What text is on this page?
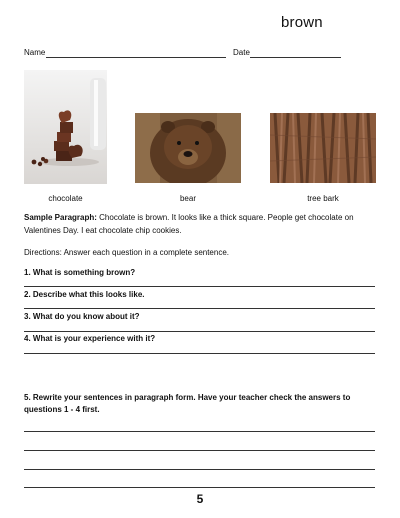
brown
Name	Date
chocolate	bear	tree bark
Sample Paragraph: Chocolate is brown. It looks like a thick square. People get chocolate on
Valentines Day. I eat chocolate chip cookies.
Directions: Answer each question in a complete sentence.
1. What is something brown?
2. Describe what this looks like.
3. What do you know about it?
4. What is your experience with it?
5. Rewrite your sentences in paragraph form. Have your teacher check the answers to
questions 1 - 4 first.
5
